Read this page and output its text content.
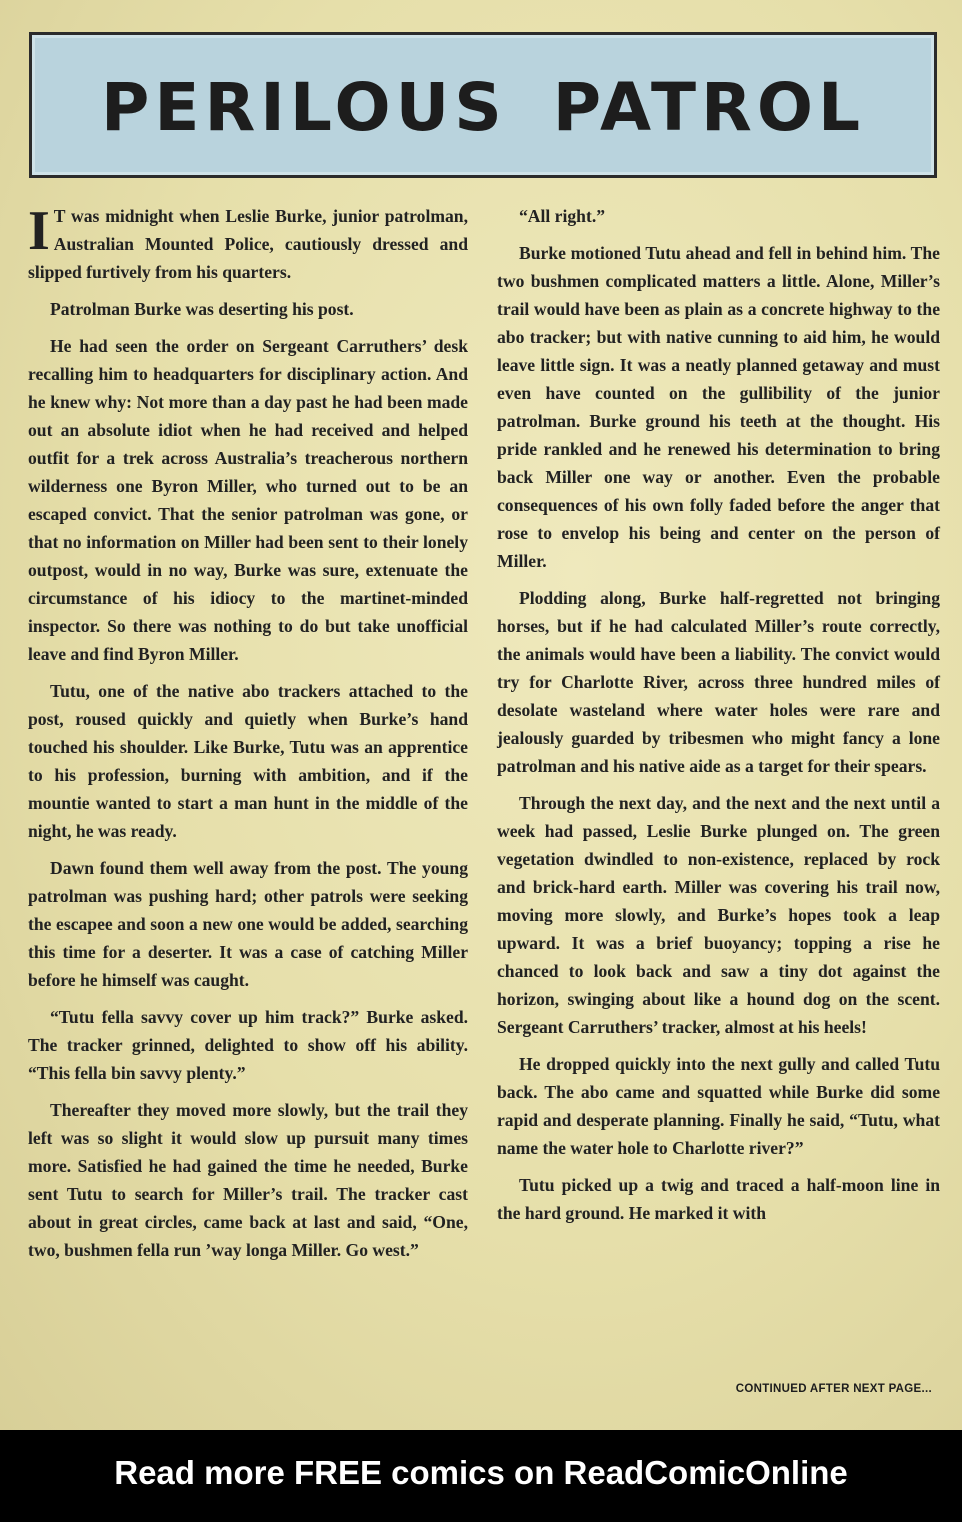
PERILOUS PATROL

I T was midnight when Leslie Burke, junior patrolman, Australian Mounted Police, cautiously dressed and slipped furtively from his quarters.

Patrolman Burke was deserting his post.

He had seen the order on Sergeant Carruthers’ desk recalling him to headquarters for disciplinary action. And he knew why: Not more than a day past he had been made out an absolute idiot when he had received and helped outfit for a trek across Australia’s treacherous northern wilderness one Byron Miller, who turned out to be an escaped convict. That the senior patrolman was gone, or that no information on Miller had been sent to their lonely outpost, would in no way, Burke was sure, extenuate the circumstance of his idiocy to the martinet-minded inspector. So there was nothing to do but take unofficial leave and find Byron Miller.

Tutu, one of the native abo trackers attached to the post, roused quickly and quietly when Burke’s hand touched his shoulder. Like Burke, Tutu was an apprentice to his profession, burning with ambition, and if the mountie wanted to start a man hunt in the middle of the night, he was ready.

Dawn found them well away from the post. The young patrolman was pushing hard; other patrols were seeking the escapee and soon a new one would be added, searching this time for a deserter. It was a case of catching Miller before he himself was caught.

“Tutu fella savvy cover up him track?” Burke asked. The tracker grinned, delighted to show off his ability. “This fella bin savvy plenty.”

Thereafter they moved more slowly, but the trail they left was so slight it would slow up pursuit many times more. Satisfied he had gained the time he needed, Burke sent Tutu to search for Miller’s trail. The tracker cast about in great circles, came back at last and said, “One, two, bushmen fella run ’way longa Miller. Go west.”

“All right.”

Burke motioned Tutu ahead and fell in behind him. The two bushmen complicated matters a little. Alone, Miller’s trail would have been as plain as a concrete highway to the abo tracker; but with native cunning to aid him, he would leave little sign. It was a neatly planned getaway and must even have counted on the gullibility of the junior patrolman. Burke ground his teeth at the thought. His pride rankled and he renewed his determination to bring back Miller one way or another. Even the probable consequences of his own folly faded before the anger that rose to envelop his being and center on the person of Miller.

Plodding along, Burke half-regretted not bringing horses, but if he had calculated Miller’s route correctly, the animals would have been a liability. The convict would try for Charlotte River, across three hundred miles of desolate wasteland where water holes were rare and jealously guarded by tribesmen who might fancy a lone patrolman and his native aide as a target for their spears.

Through the next day, and the next and the next until a week had passed, Leslie Burke plunged on. The green vegetation dwindled to non-existence, replaced by rock and brick-hard earth. Miller was covering his trail now, moving more slowly, and Burke’s hopes took a leap upward. It was a brief buoyancy; topping a rise he chanced to look back and saw a tiny dot against the horizon, swinging about like a hound dog on the scent. Sergeant Carruthers’ tracker, almost at his heels!

He dropped quickly into the next gully and called Tutu back. The abo came and squatted while Burke did some rapid and desperate planning. Finally he said, “Tutu, what name the water hole to Charlotte river?”

Tutu picked up a twig and traced a half-moon line in the hard ground. He marked it with

CONTINUED AFTER NEXT PAGE...
Read more FREE comics on ReadComicOnline
